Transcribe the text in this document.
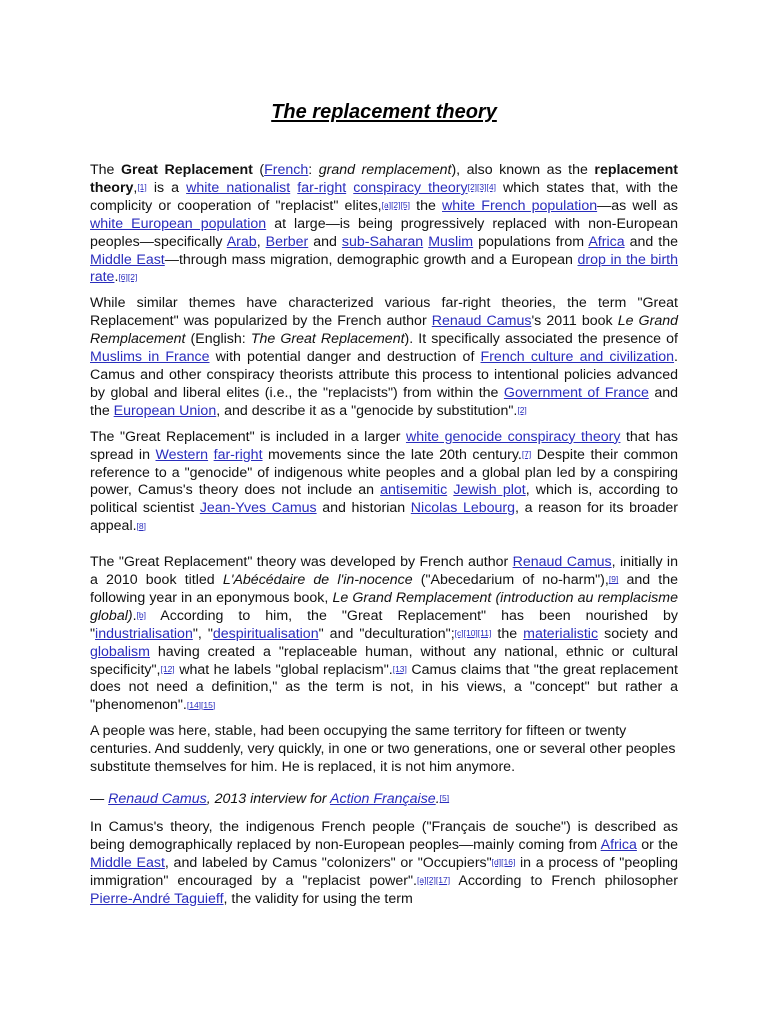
The replacement theory

The Great Replacement (French: grand remplacement), also known as the replacement theory,[1] is a white nationalist far-right conspiracy theory[2][3][4] which states that, with the complicity or cooperation of "replacist" elites,[a][2][5] the white French population—as well as white European population at large—is being progressively replaced with non-European peoples—specifically Arab, Berber and sub-Saharan Muslim populations from Africa and the Middle East—through mass migration, demographic growth and a European drop in the birth rate.[6][2]

While similar themes have characterized various far-right theories, the term "Great Replacement" was popularized by the French author Renaud Camus's 2011 book Le Grand Remplacement (English: The Great Replacement). It specifically associated the presence of Muslims in France with potential danger and destruction of French culture and civilization. Camus and other conspiracy theorists attribute this process to intentional policies advanced by global and liberal elites (i.e., the "replacists") from within the Government of France and the European Union, and describe it as a "genocide by substitution".[2]

The "Great Replacement" is included in a larger white genocide conspiracy theory that has spread in Western far-right movements since the late 20th century.[7] Despite their common reference to a "genocide" of indigenous white peoples and a global plan led by a conspiring power, Camus's theory does not include an antisemitic Jewish plot, which is, according to political scientist Jean-Yves Camus and historian Nicolas Lebourg, a reason for its broader appeal.[8]

The "Great Replacement" theory was developed by French author Renaud Camus, initially in a 2010 book titled L'Abécédaire de l'in-nocence ("Abecedarium of no-harm"),[9] and the following year in an eponymous book, Le Grand Remplacement (introduction au remplacisme global).[b] According to him, the "Great Replacement" has been nourished by "industrialisation", "despiritualisation" and "deculturation";[c][10][11] the materialistic society and globalism having created a "replaceable human, without any national, ethnic or cultural specificity",[12] what he labels "global replacism".[13] Camus claims that "the great replacement does not need a definition," as the term is not, in his views, a "concept" but rather a "phenomenon".[14][15]

A people was here, stable, had been occupying the same territory for fifteen or twenty centuries. And suddenly, very quickly, in one or two generations, one or several other peoples substitute themselves for him. He is replaced, it is not him anymore.

— Renaud Camus, 2013 interview for Action Française.[5]

In Camus's theory, the indigenous French people ("Français de souche") is described as being demographically replaced by non-European peoples—mainly coming from Africa or the Middle East, and labeled by Camus "colonizers" or "Occupiers"[d][16] in a process of "peopling immigration" encouraged by a "replacist power".[a][2][17] According to French philosopher Pierre-André Taguieff, the validity for using the term
